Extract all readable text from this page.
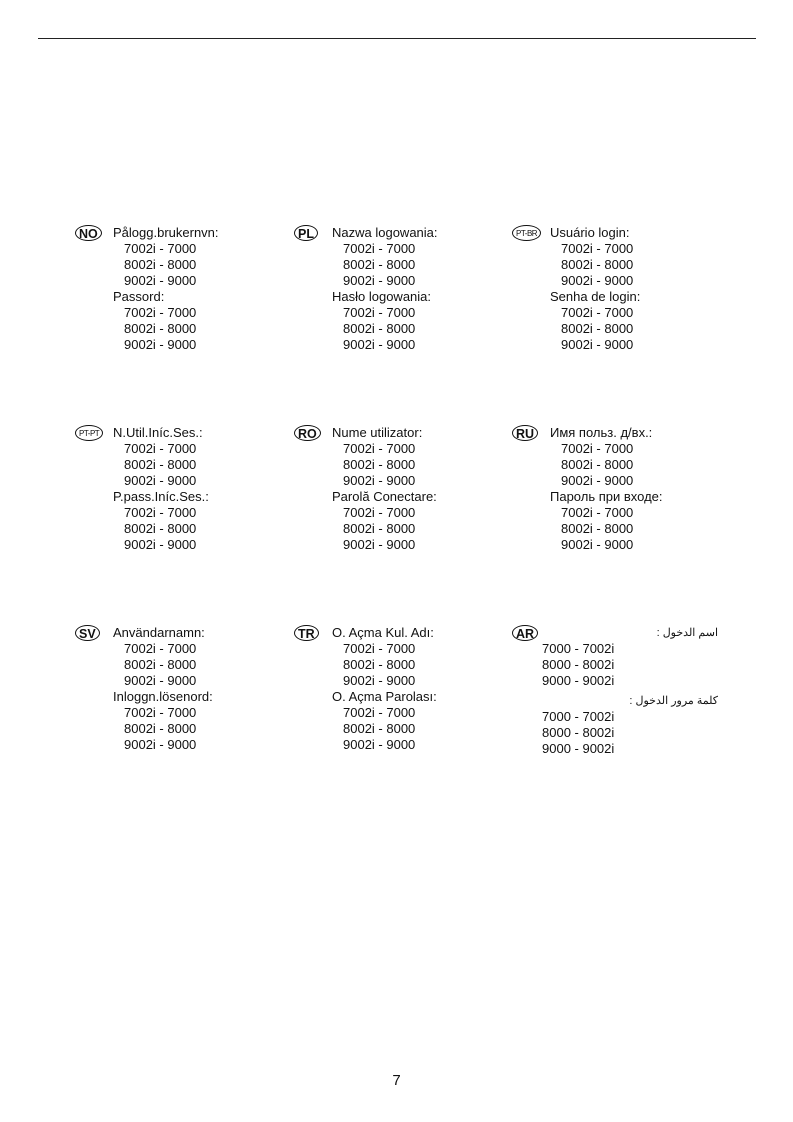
NO	Pålogg.brukernvn:
7002i - 7000
8002i - 8000
9002i - 9000
Passord:
7002i - 7000
8002i - 8000
9002i - 9000
PL	Nazwa logowania:
7002i - 7000
8002i - 8000
9002i - 9000
Hasło logowania:
7002i - 7000
8002i - 8000
9002i - 9000
PT-BR Usuário login:
7002i - 7000
8002i - 8000
9002i - 9000
Senha de login:
7002i - 7000
8002i - 8000
9002i - 9000
PT-PT	N.Util.Iníc.Ses.:
7002i - 7000
8002i - 8000
9002i - 9000
P.pass.Iníc.Ses.:
7002i - 7000
8002i - 8000
9002i - 9000
RO	Nume utilizator:
7002i - 7000
8002i - 8000
9002i - 9000
Parolă Conectare:
7002i - 7000
8002i - 8000
9002i - 9000
RU	Имя польз. д/вх.:
7002i - 7000
8002i - 8000
9002i - 9000
Пароль при входе:
7002i - 7000
8002i - 8000
9002i - 9000
SV	Användarnamn:
7002i - 7000
8002i - 8000
9002i - 9000
Inloggn.lösenord:
7002i - 7000
8002i - 8000
9002i - 9000
TR	O. Açma Kul. Adı:
7002i - 7000
8002i - 8000
9002i - 9000
O. Açma Parolası:
7002i - 7000
8002i - 8000
9002i - 9000
AR	اسم الدخول :
7000 - 7002i
8000 - 8002i
9000 - 9002i
كلمة مرور الدخول :
7000 - 7002i
8000 - 8002i
9000 - 9002i
7
